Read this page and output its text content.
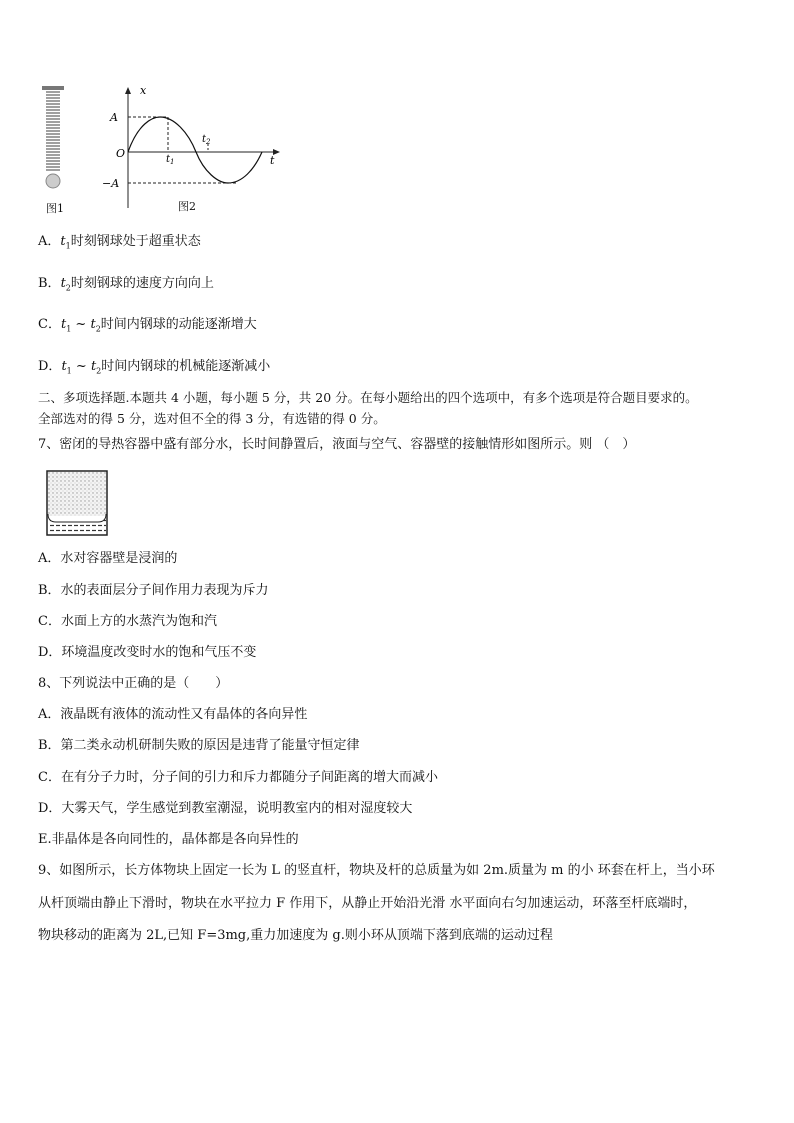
图1
x
t
A
−A
O	$t_1$
$t_2$
图2
A．$t_1$时刻钢球处于超重状态
B．$t_2$时刻钢球的速度方向向上
C．$t_1$ ~ $t_2$时间内钢球的动能逐渐增大
D．$t_1$ ~ $t_2$时间内钢球的机械能逐渐减小
二、多项选择题.本题共 4 小题，每小题 5 分，共 20 分。在每小题给出的四个选项中，有多个选项是符合题目要求的。
全部选对的得 5 分，选对但不全的得 3 分，有选错的得 0 分。
7、密闭的导热容器中盛有部分水，长时间静置后，液面与空气、容器壁的接触情形如图所示。则 （　）
A．水对容器壁是浸润的
B．水的表面层分子间作用力表现为斥力
C．水面上方的水蒸汽为饱和汽
D．环境温度改变时水的饱和气压不变
8、下列说法中正确的是（　　）
A．液晶既有液体的流动性又有晶体的各向异性
B．第二类永动机研制失败的原因是违背了能量守恒定律
C．在有分子力时，分子间的引力和斥力都随分子间距离的增大而减小
D．大雾天气，学生感觉到教室潮湿，说明教室内的相对湿度较大
E.非晶体是各向同性的，晶体都是各向异性的
9、如图所示，长方体物块上固定一长为 L 的竖直杆，物块及杆的总质量为如 2m.质量为 m 的小 环套在杆上，当小环
从杆顶端由静止下滑时，物块在水平拉力 F 作用下，从静止开始沿光滑 水平面向右匀加速运动，环落至杆底端时，
物块移动的距离为 2L,已知 F=3mg,重力加速度为 g.则小环从顶端下落到底端的运动过程
